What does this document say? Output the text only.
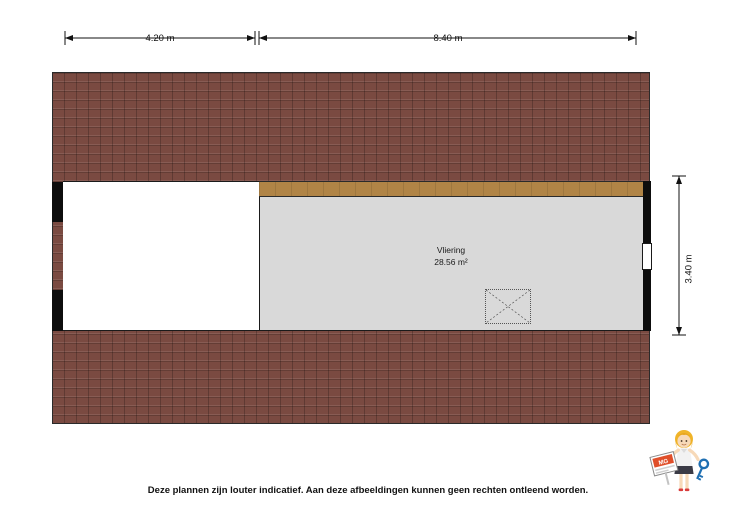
4.20 m	8.40 m
3.40 m
Vliering
28.56 m²
Deze plannen zijn louter indicatief. Aan deze afbeeldingen kunnen geen rechten ontleend worden.
MG
